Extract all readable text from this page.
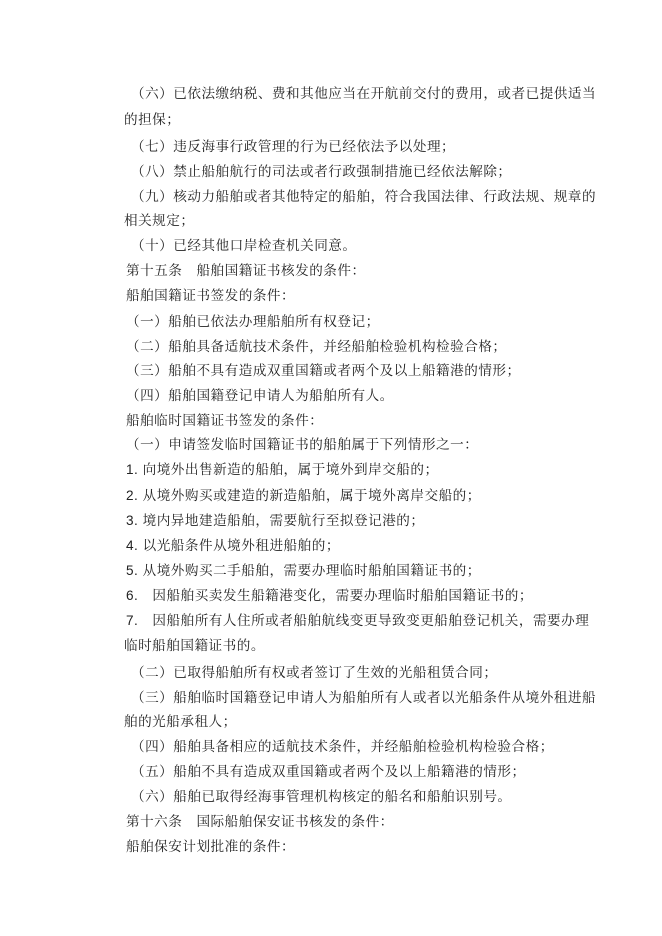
（六）已依法缴纳税、费和其他应当在开航前交付的费用，或者已提供适当

的担保；

（七）违反海事行政管理的行为已经依法予以处理；

（八）禁止船舶航行的司法或者行政强制措施已经依法解除；

（九）核动力船舶或者其他特定的船舶，符合我国法律、行政法规、规章的

相关规定；

（十）已经其他口岸检查机关同意。

第十五条　船舶国籍证书核发的条件：

船舶国籍证书签发的条件：

（一）船舶已依法办理船舶所有权登记；

（二）船舶具备适航技术条件，并经船舶检验机构检验合格；

（三）船舶不具有造成双重国籍或者两个及以上船籍港的情形；

（四）船舶国籍登记申请人为船舶所有人。

船舶临时国籍证书签发的条件：

（一）申请签发临时国籍证书的船舶属于下列情形之一：

1. 向境外出售新造的船舶，属于境外到岸交船的；

2. 从境外购买或建造的新造船舶，属于境外离岸交船的；

3. 境内异地建造船舶，需要航行至拟登记港的；

4. 以光船条件从境外租进船舶的；

5. 从境外购买二手船舶，需要办理临时船舶国籍证书的；

6.　因船舶买卖发生船籍港变化，需要办理临时船舶国籍证书的；

7.　因船舶所有人住所或者船舶航线变更导致变更船舶登记机关，需要办理

临时船舶国籍证书的。

（二）已取得船舶所有权或者签订了生效的光船租赁合同；

（三）船舶临时国籍登记申请人为船舶所有人或者以光船条件从境外租进船

舶的光船承租人；

（四）船舶具备相应的适航技术条件，并经船舶检验机构检验合格；

（五）船舶不具有造成双重国籍或者两个及以上船籍港的情形；

（六）船舶已取得经海事管理机构核定的船名和船舶识别号。

第十六条　国际船舶保安证书核发的条件：

船舶保安计划批准的条件：
